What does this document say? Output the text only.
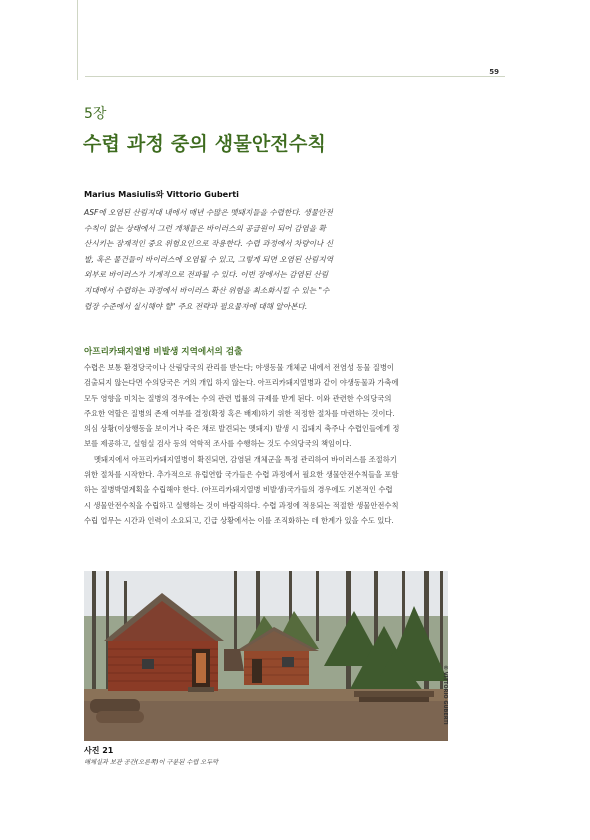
59
5장
수렵 과정 중의 생물안전수칙
Marius Masiulis와 Vittorio Guberti

ASF에 오염된 산림지대 내에서 매년 수많은 멧돼지들을 수렵한다. 생물안전

수칙이 없는 상태에서 그런 개체들은 바이러스의 공급원이 되어 감염을 확

산시키는 잠재적인 중요 위험요인으로 작용한다. 수렵 과정에서 차량이나 신

발, 혹은 물건들이 바이러스에 오염될 수 있고, 그렇게 되면 오염된 산림지역

외부로 바이러스가 기계적으로 전파될 수 있다. 이번 장에서는 감염된 산림

지대에서 수렵하는 과정에서 바이러스 확산 위험을 최소화시킬 수 있는 "수

렵장 수준에서 실시해야 할" 주요 전략과 필요물자에 대해 알아본다.

아프리카돼지열병 비발생 지역에서의 검출

수렵은 보통 환경당국이나 산림당국의 관리를 받는다; 야생동물 개체군 내에서 전염성 동물 질병이

검출되지 않는다면 수의당국은 거의 개입 하지 않는다. 아프리카돼지열병과 같이 야생동물과 가축에

모두 영향을 미치는 질병의 경우에는 수의 관련 법률의 규제를 받게 된다. 이와 관련한 수의당국의

주요한 역할은 질병의 존재 여부를 결정(확정 혹은 배제)하기 위한 적정한 절차를 마련하는 것이다.

의심 상황(이상행동을 보이거나 죽은 채로 발견되는 멧돼지) 발생 시 집돼지 축주나 수렵인들에게 정

보를 제공하고, 실험실 검사 등의 역학적 조사를 수행하는 것도 수의당국의 책임이다.

멧돼지에서 아프리카돼지열병이 확진되면, 감염된 개체군을 특정 관리하여 바이러스를 조절하기

위한 절차를 시작한다. 추가적으로 유럽연합 국가들은 수렵 과정에서 필요한 생물안전수칙들을 포함

하는 질병박멸계획을 수립해야 한다. (아프리카돼지열병 비발생)국가들의 경우에도 기본적인 수렵

시 생물안전수칙을 수립하고 실행하는 것이 바람직하다. 수렵 과정에 적용되는 적절한 생물안전수칙

수립 업무는 시간과 인력이 소요되고, 긴급 상황에서는 이를 조직화하는 데 한계가 있을 수도 있다.

© VITTORIO GUBERTI
사진 21
해체실과 보관 공간(오른쪽)이 구분된 수렵 오두막
